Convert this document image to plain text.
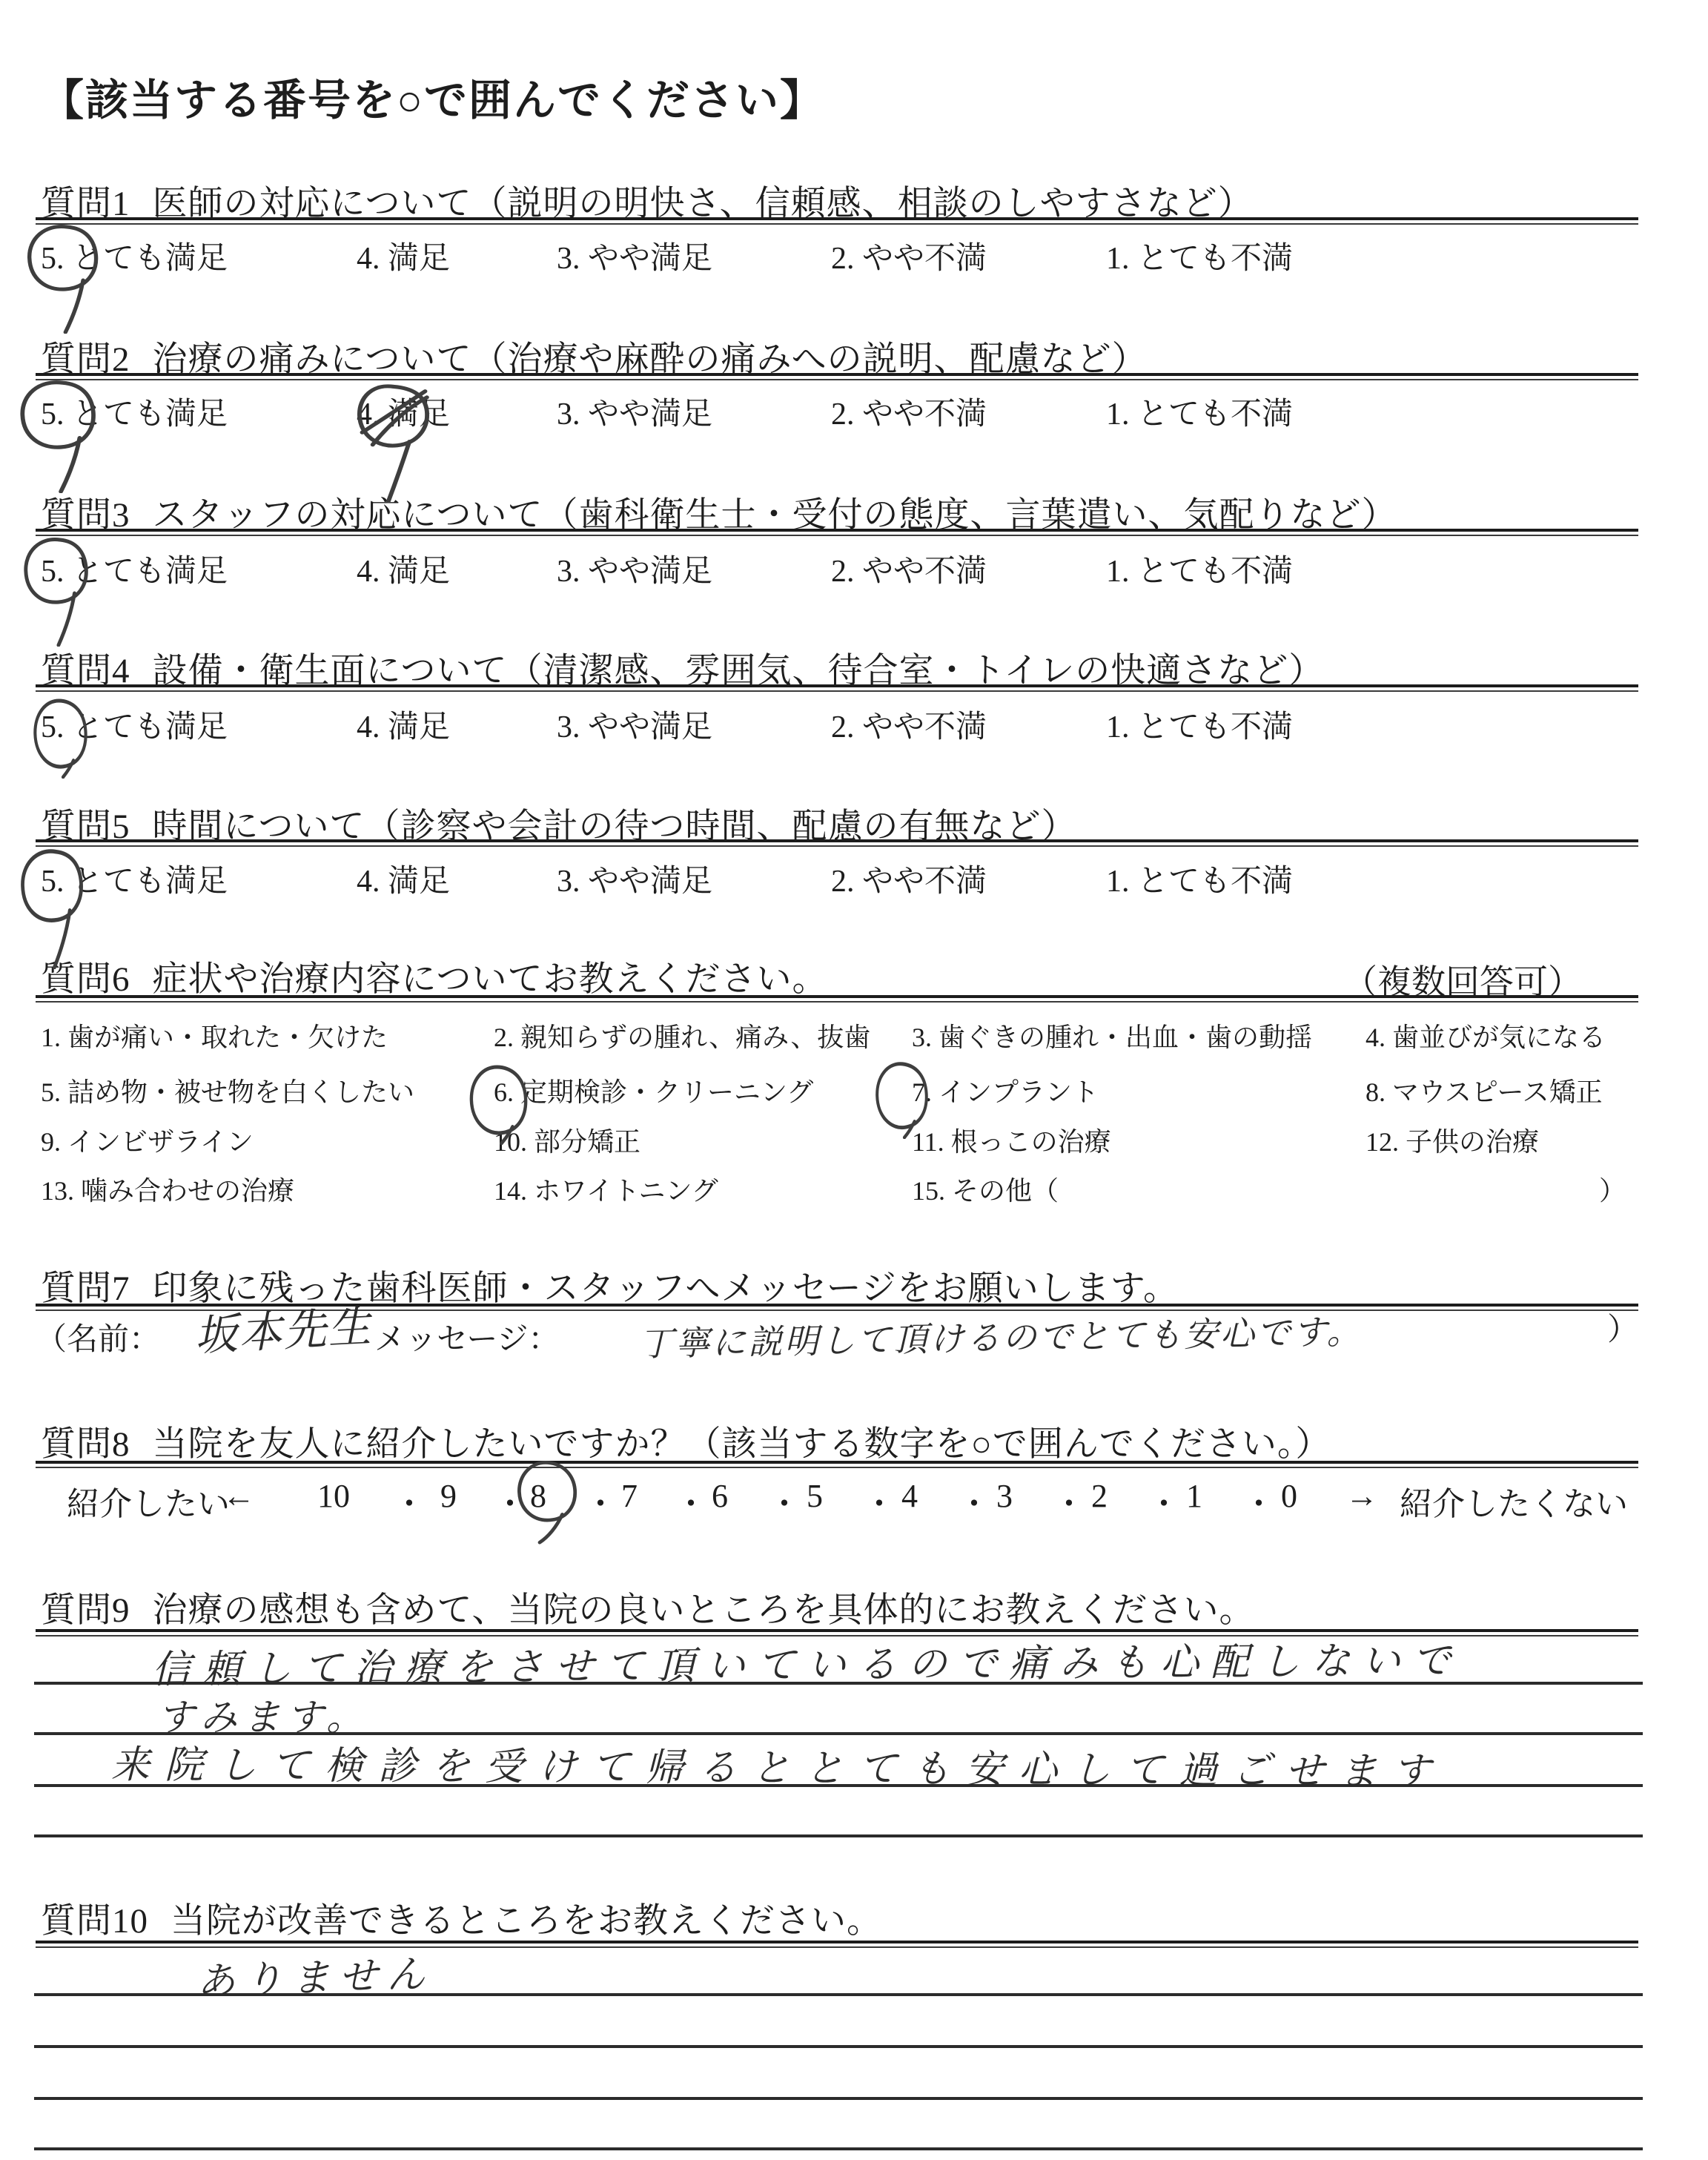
【該当する番号を○で囲んでください】
質問1 医師の対応について（説明の明快さ、信頼感、相談のしやすさなど）
5. とても満足	4. 満足	3. やや満足	2. やや不満	1. とても不満
質問2 治療の痛みについて（治療や麻酔の痛みへの説明、配慮など）
5. とても満足	4. 満足	3. やや満足	2. やや不満	1. とても不満
質問3 スタッフの対応について（歯科衛生士・受付の態度、言葉遣い、気配りなど）
5. とても満足	4. 満足	3. やや満足	2. やや不満	1. とても不満
質問4 設備・衛生面について（清潔感、雰囲気、待合室・トイレの快適さなど）
5. とても満足	4. 満足	3. やや満足	2. やや不満	1. とても不満
質問5 時間について（診察や会計の待つ時間、配慮の有無など）
5. とても満足	4. 満足	3. やや満足	2. やや不満	1. とても不満
質問6 症状や治療内容についてお教えください。	（複数回答可）
1. 歯が痛い・取れた・欠けた	2. 親知らずの腫れ、痛み、抜歯 3. 歯ぐきの腫れ・出血・歯の動揺 4. 歯並びが気になる
5. 詰め物・被せ物を白くしたい	6. 定期検診・クリーニング	7. インプラント	8. マウスピース矯正
9. インビザライン	10. 部分矯正	11. 根っこの治療	12. 子供の治療
13. 噛み合わせの治療	14. ホワイトニング	15. その他（	）
質問7 印象に残った歯科医師・スタッフへメッセージをお願いします。
（名前： 坂本先生 メッセージ： 丁寧に説明して頂けるのでとても安心です。	）
質問8 当院を友人に紹介したいですか？（該当する数字を○で囲んでください。）
紹介したい
← 10 ・ 9 ・ 8 ・ 7 ・ 6 ・ 5 ・ 4 ・ 3 ・ 2 ・ 1 ・ 0 → 紹介したくない
質問9 治療の感想も含めて、当院の良いところを具体的にお教えください。
信頼して治療をさせて頂いているので痛みも心配しないで
すみます。
来院して検診を受けて帰るととても安心して過ごせます
質問10 当院が改善できるところをお教えください。
ありません
